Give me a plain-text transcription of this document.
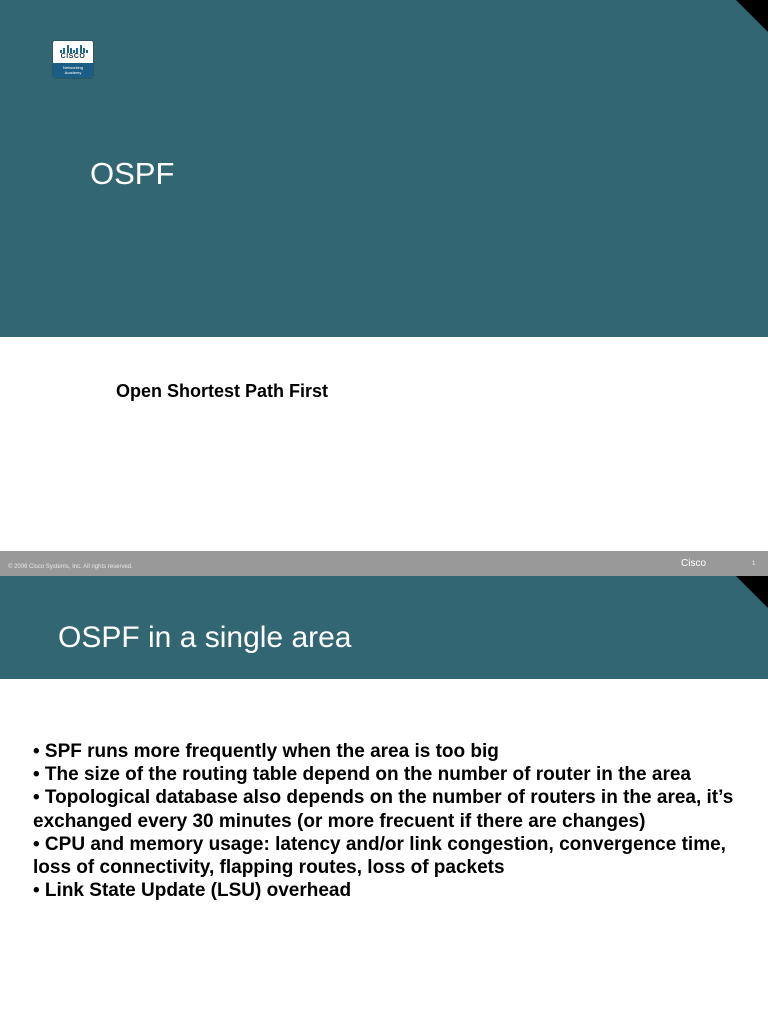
CISCO
Networking
Academy
OSPF
Open Shortest Path First
© 2006 Cisco Systems, Inc. All rights reserved.	Cisco	1
OSPF in a single area
• SPF runs more frequently when the area is too big
• The size of the routing table depend on the number of router in the area
• Topological database also depends on the number of routers in the area, it’s exchanged every 30 minutes (or more frecuent if there are changes)
• CPU and memory usage: latency and/or link congestion, convergence time, loss of connectivity, flapping routes, loss of packets
• Link State Update (LSU) overhead
